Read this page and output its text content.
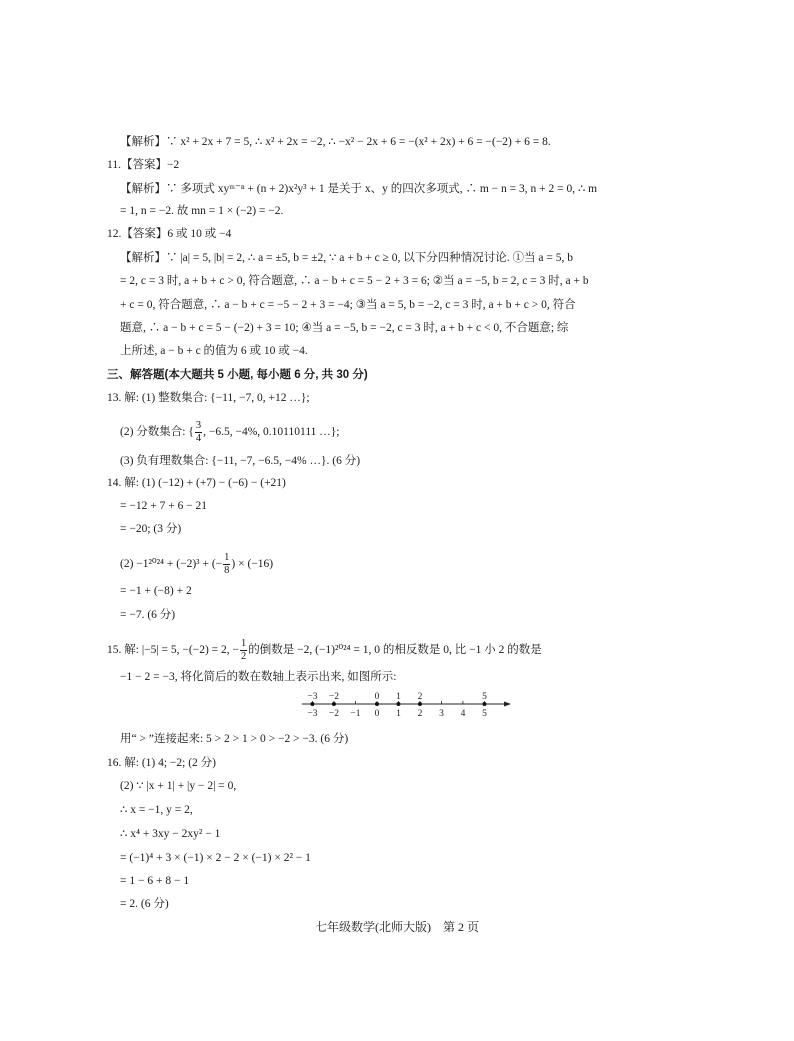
【解析】∵ x² + 2x + 7 = 5, ∴ x² + 2x = −2, ∴ −x² − 2x + 6 = −(x² + 2x) + 6 = −(−2) + 6 = 8.
11.【答案】−2
【解析】∵ 多项式 xyᵐ⁻ⁿ + (n + 2)x²y³ + 1 是关于 x、y 的四次多项式, ∴ m − n = 3, n + 2 = 0, ∴ m
= 1, n = −2. 故 mn = 1 × (−2) = −2.
12.【答案】6 或 10 或 −4
【解析】∵ |a| = 5, |b| = 2, ∴ a = ±5, b = ±2, ∵ a + b + c ≥ 0, 以下分四种情况讨论. ①当 a = 5, b
= 2, c = 3 时, a + b + c > 0, 符合题意, ∴ a − b + c = 5 − 2 + 3 = 6; ②当 a = −5, b = 2, c = 3 时, a + b
+ c = 0, 符合题意, ∴ a − b + c = −5 − 2 + 3 = −4; ③当 a = 5, b = −2, c = 3 时, a + b + c > 0, 符合
题意, ∴ a − b + c = 5 − (−2) + 3 = 10; ④当 a = −5, b = −2, c = 3 时, a + b + c < 0, 不合题意; 综
上所述, a − b + c 的值为 6 或 10 或 −4.
三、解答题(本大题共 5 小题, 每小题 6 分, 共 30 分)
13. 解: (1) 整数集合: {−11, −7, 0, +12 …};
(2) 分数集合: { $\frac{3}{4}$ , −6.5, −4%, 0.10110111 …};
(3) 负有理数集合: {−11, −7, −6.5, −4% …}. (6 分)
14. 解: (1) (−12) + (+7) − (−6) − (+21)
= −12 + 7 + 6 − 21
= −20; (3 分)
(2) −1²⁰²⁴ + (−2)³ + (− $\frac{1}{8}$ ) × (−16)
= −1 + (−8) + 2
= −7. (6 分)
15. 解: |−5| = 5, −(−2) = 2, − $\frac{1}{2}$ 的倒数是 −2, (−1)²⁰²⁴ = 1, 0 的相反数是 0, 比 −1 小 2 的数是
−1 − 2 = −3, 将化简后的数在数轴上表示出来, 如图所示:
用“ > ”连接起来: 5 > 2 > 1 > 0 > −2 > −3. (6 分)
16. 解: (1) 4; −2; (2 分)
(2) ∵ |x + 1| + |y − 2| = 0,
∴ x = −1, y = 2,
∴ x⁴ + 3xy − 2xy² − 1
= (−1)⁴ + 3 × (−1) × 2 − 2 × (−1) × 2² − 1
= 1 − 6 + 8 − 1
= 2. (6 分)
−3 −2 −1 0 1 2 3 4 5
−3 −2	0 1 2	5
七年级数学(北师大版)　第 2 页
